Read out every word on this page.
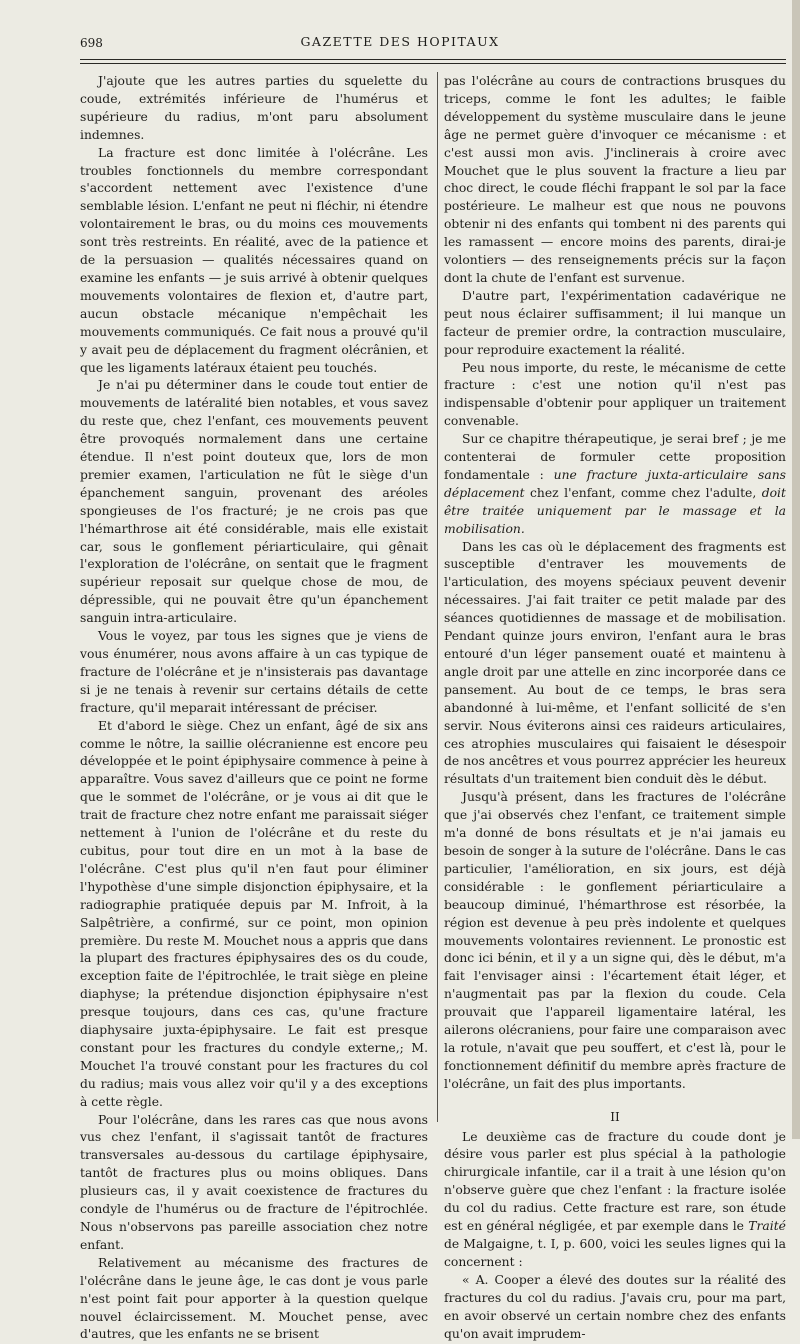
698	GAZETTE DES HOPITAUX

J'ajoute que les autres parties du squelette du coude, extrémités inférieure de l'humérus et supérieure du radius, m'ont paru absolument indemnes.

La fracture est donc limitée à l'olécrâne. Les troubles fonctionnels du membre correspondant s'accordent nettement avec l'existence d'une semblable lésion. L'enfant ne peut ni fléchir, ni étendre volontairement le bras, ou du moins ces mouvements sont très restreints. En réalité, avec de la patience et de la persuasion — qualités nécessaires quand on examine les enfants — je suis arrivé à obtenir quelques mouvements volontaires de flexion et, d'autre part, aucun obstacle mécanique n'empêchait les mouvements communiqués. Ce fait nous a prouvé qu'il y avait peu de déplacement du fragment olécrânien, et que les ligaments latéraux étaient peu touchés.

Je n'ai pu déterminer dans le coude tout entier de mouvements de latéralité bien notables, et vous savez du reste que, chez l'enfant, ces mouvements peuvent être provoqués normalement dans une certaine étendue. Il n'est point douteux que, lors de mon premier examen, l'articulation ne fût le siège d'un épanchement sanguin, provenant des aréoles spongieuses de l'os fracturé; je ne crois pas que l'hémarthrose ait été considérable, mais elle existait car, sous le gonflement périarticulaire, qui gênait l'exploration de l'olécrâne, on sentait que le fragment supérieur reposait sur quelque chose de mou, de dépressible, qui ne pouvait être qu'un épanchement sanguin intra-articulaire.

Vous le voyez, par tous les signes que je viens de vous énumérer, nous avons affaire à un cas typique de fracture de l'olécrâne et je n'insisterais pas davantage si je ne tenais à revenir sur certains détails de cette fracture, qu'il meparait intéressant de préciser.

Et d'abord le siège. Chez un enfant, âgé de six ans comme le nôtre, la saillie olécranienne est encore peu développée et le point épiphysaire commence à peine à apparaître. Vous savez d'ailleurs que ce point ne forme que le sommet de l'olécrâne, or je vous ai dit que le trait de fracture chez notre enfant me paraissait siéger nettement à l'union de l'olécrâne et du reste du cubitus, pour tout dire en un mot à la base de l'olécrâne. C'est plus qu'il n'en faut pour éliminer l'hypothèse d'une simple disjonction épiphysaire, et la radiographie pratiquée depuis par M. Infroit, à la Salpêtrière, a confirmé, sur ce point, mon opinion première. Du reste M. Mouchet nous a appris que dans la plupart des fractures épiphysaires des os du coude, exception faite de l'épitrochlée, le trait siège en pleine diaphyse; la prétendue disjonction épiphysaire n'est presque toujours, dans ces cas, qu'une fracture diaphysaire juxta-épiphysaire. Le fait est presque constant pour les fractures du condyle externe,; M. Mouchet l'a trouvé constant pour les fractures du col du radius; mais vous allez voir qu'il y a des exceptions à cette règle.

Pour l'olécrâne, dans les rares cas que nous avons vus chez l'enfant, il s'agissait tantôt de fractures transversales au-dessous du cartilage épiphysaire, tantôt de fractures plus ou moins obliques. Dans plusieurs cas, il y avait coexistence de fractures du condyle de l'humérus ou de fracture de l'épitrochlée. Nous n'observons pas pareille association chez notre enfant.

Relativement au mécanisme des fractures de l'olécrâne dans le jeune âge, le cas dont je vous parle n'est point fait pour apporter à la question quelque nouvel éclaircissement. M. Mouchet pense, avec d'autres, que les enfants ne se brisent

pas l'olécrâne au cours de contractions brusques du triceps, comme le font les adultes; le faible développement du système musculaire dans le jeune âge ne permet guère d'invoquer ce mécanisme : et c'est aussi mon avis. J'inclinerais à croire avec Mouchet que le plus souvent la fracture a lieu par choc direct, le coude fléchi frappant le sol par la face postérieure. Le malheur est que nous ne pouvons obtenir ni des enfants qui tombent ni des parents qui les ramassent — encore moins des parents, dirai-je volontiers — des renseignements précis sur la façon dont la chute de l'enfant est survenue.

D'autre part, l'expérimentation cadavérique ne peut nous éclairer suffisamment; il lui manque un facteur de premier ordre, la contraction musculaire, pour reproduire exactement la réalité.

Peu nous importe, du reste, le mécanisme de cette fracture : c'est une notion qu'il n'est pas indispensable d'obtenir pour appliquer un traitement convenable.

Sur ce chapitre thérapeutique, je serai bref ; je me contenterai de formuler cette proposition fondamentale : une fracture juxta-articulaire sans déplacement chez l'enfant, comme chez l'adulte, doit être traitée uniquement par le massage et la mobilisation.

Dans les cas où le déplacement des fragments est susceptible d'entraver les mouvements de l'articulation, des moyens spéciaux peuvent devenir nécessaires. J'ai fait traiter ce petit malade par des séances quotidiennes de massage et de mobilisation. Pendant quinze jours environ, l'enfant aura le bras entouré d'un léger pansement ouaté et maintenu à angle droit par une attelle en zinc incorporée dans ce pansement. Au bout de ce temps, le bras sera abandonné à lui-même, et l'enfant sollicité de s'en servir. Nous éviterons ainsi ces raideurs articulaires, ces atrophies musculaires qui faisaient le désespoir de nos ancêtres et vous pourrez apprécier les heureux résultats d'un traitement bien conduit dès le début.

Jusqu'à présent, dans les fractures de l'olécrâne que j'ai observés chez l'enfant, ce traitement simple m'a donné de bons résultats et je n'ai jamais eu besoin de songer à la suture de l'olécrâne. Dans le cas particulier, l'amélioration, en six jours, est déjà considérable : le gonflement périarticulaire a beaucoup diminué, l'hémarthrose est résorbée, la région est devenue à peu près indolente et quelques mouvements volontaires reviennent. Le pronostic est donc ici bénin, et il y a un signe qui, dès le début, m'a fait l'envisager ainsi : l'écartement était léger, et n'augmentait pas par la flexion du coude. Cela prouvait que l'appareil ligamentaire latéral, les ailerons olécraniens, pour faire une comparaison avec la rotule, n'avait que peu souffert, et c'est là, pour le fonctionnement définitif du membre après fracture de l'olécrâne, un fait des plus importants.

II

Le deuxième cas de fracture du coude dont je désire vous parler est plus spécial à la pathologie chirurgicale infantile, car il a trait à une lésion qu'on n'observe guère que chez l'enfant : la fracture isolée du col du radius. Cette fracture est rare, son étude est en général négligée, et par exemple dans le Traité de Malgaigne, t. I, p. 600, voici les seules lignes qui la concernent :

« A. Cooper a élevé des doutes sur la réalité des fractures du col du radius. J'avais cru, pour ma part, en avoir observé un certain nombre chez des enfants qu'on avait imprudem-
